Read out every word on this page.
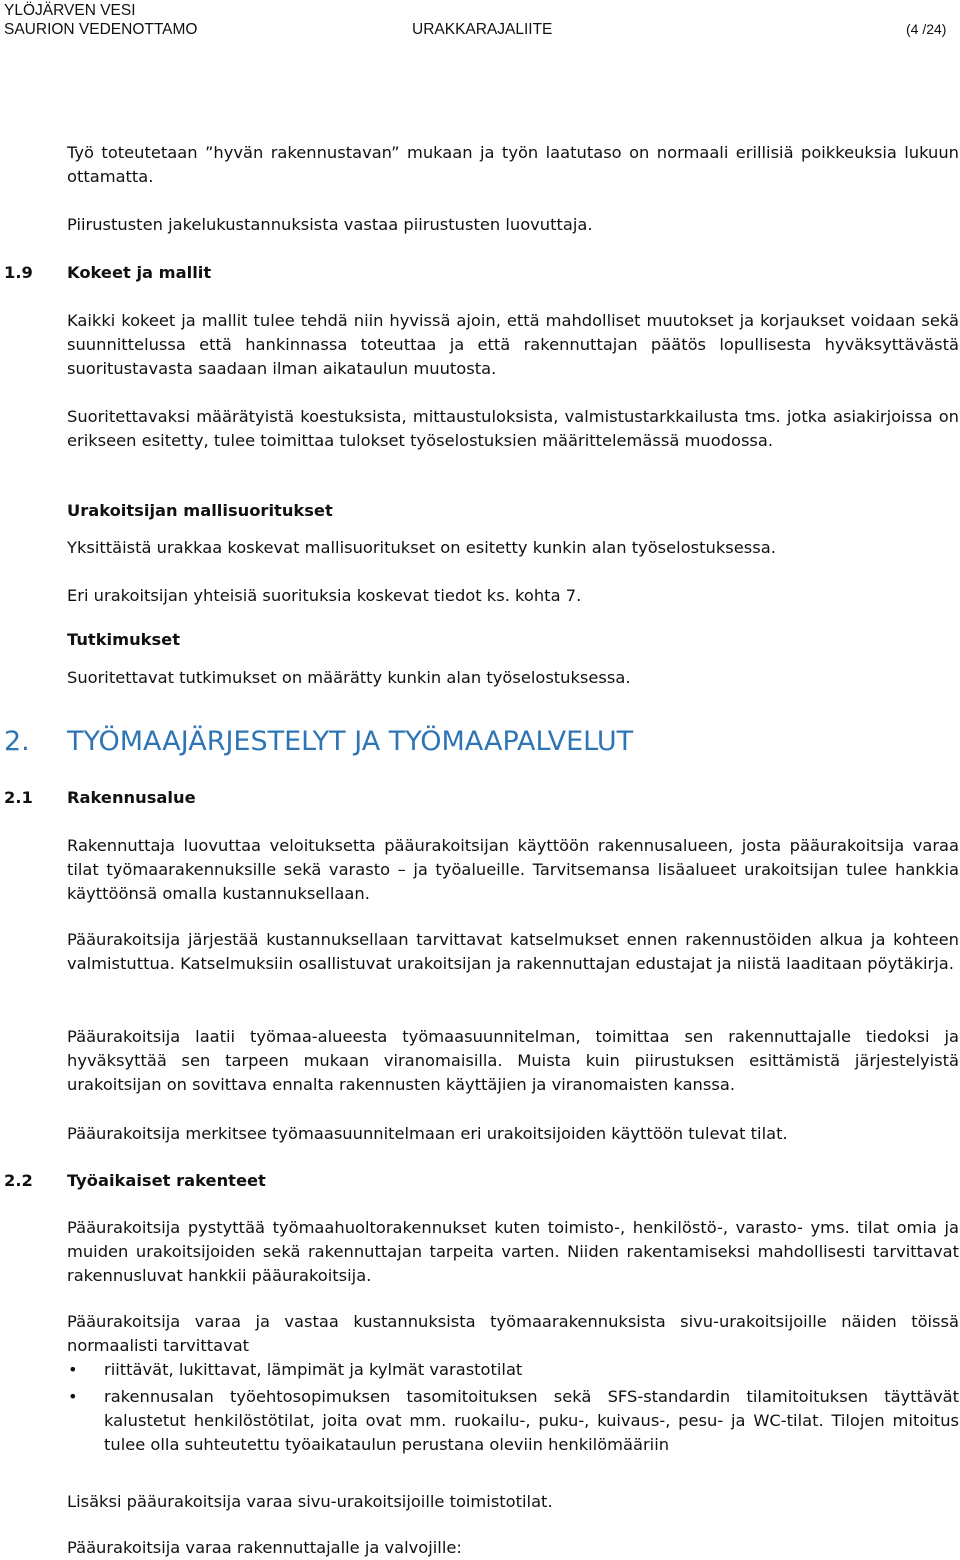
YLÖJÄRVEN VESI
SAURION VEDENOTTAMO	URAKKARAJALIITE	(4 /24)

Työ toteutetaan ”hyvän rakennustavan” mukaan ja työn laatutaso on normaali erillisiä poikkeuksia lukuun ottamatta.

Piirustusten jakelukustannuksista vastaa piirustusten luovuttaja.

1.9 Kokeet ja mallit

Kaikki kokeet ja mallit tulee tehdä niin hyvissä ajoin, että mahdolliset muutokset ja korjaukset voidaan sekä suunnittelussa että hankinnassa toteuttaa ja että rakennuttajan päätös lopullisesta hyväksyttävästä suoritustavasta saadaan ilman aikataulun muutosta.

Suoritettavaksi määrätyistä koestuksista, mittaustuloksista, valmistustarkkailusta tms. jotka asiakirjoissa on erikseen esitetty, tulee toimittaa tulokset työselostuksien määrittelemässä muodossa.

Urakoitsijan mallisuoritukset

Yksittäistä urakkaa koskevat mallisuoritukset on esitetty kunkin alan työselostuksessa.

Eri urakoitsijan yhteisiä suorituksia koskevat tiedot ks. kohta 7.

Tutkimukset

Suoritettavat tutkimukset on määrätty kunkin alan työselostuksessa.

2. TYÖMAAJÄRJESTELYT JA TYÖMAAPALVELUT
2.1 Rakennusalue

Rakennuttaja luovuttaa veloituksetta pääurakoitsijan käyttöön rakennusalueen, josta pääurakoitsija varaa tilat työmaarakennuksille sekä varasto – ja työalueille. Tarvitsemansa lisäalueet urakoitsijan tulee hankkia käyttöönsä omalla kustannuksellaan.

Pääurakoitsija järjestää kustannuksellaan tarvittavat katselmukset ennen rakennustöiden alkua ja kohteen valmistuttua. Katselmuksiin osallistuvat urakoitsijan ja rakennuttajan edustajat ja niistä laaditaan pöytäkirja.

Pääurakoitsija laatii työmaa-alueesta työmaasuunnitelman, toimittaa sen rakennuttajalle tiedoksi ja hyväksyttää sen tarpeen mukaan viranomaisilla. Muista kuin piirustuksen esittämistä järjestelyistä urakoitsijan on sovittava ennalta rakennusten käyttäjien ja viranomaisten kanssa.

Pääurakoitsija merkitsee työmaasuunnitelmaan eri urakoitsijoiden käyttöön tulevat tilat.

2.2 Työaikaiset rakenteet

Pääurakoitsija pystyttää työmaahuoltorakennukset kuten toimisto-, henkilöstö-, varasto- yms. tilat omia ja muiden urakoitsijoiden sekä rakennuttajan tarpeita varten. Niiden rakentamiseksi mahdollisesti tarvittavat rakennusluvat hankkii pääurakoitsija.

Pääurakoitsija varaa ja vastaa kustannuksista työmaarakennuksista sivu-urakoitsijoille näiden töissä normaalisti tarvittavat

• riittävät, lukittavat, lämpimät ja kylmät varastotilat
• rakennusalan työehtosopimuksen tasomitoituksen sekä SFS-standardin tilamitoituksen täyttävät kalustetut henkilöstötilat, joita ovat mm. ruokailu-, puku-, kuivaus-, pesu- ja WC-tilat. Tilojen mitoitus tulee olla suhteutettu työaikataulun perustana oleviin henkilömääriin

Lisäksi pääurakoitsija varaa sivu-urakoitsijoille toimistotilat.

Pääurakoitsija varaa rakennuttajalle ja valvojille:
